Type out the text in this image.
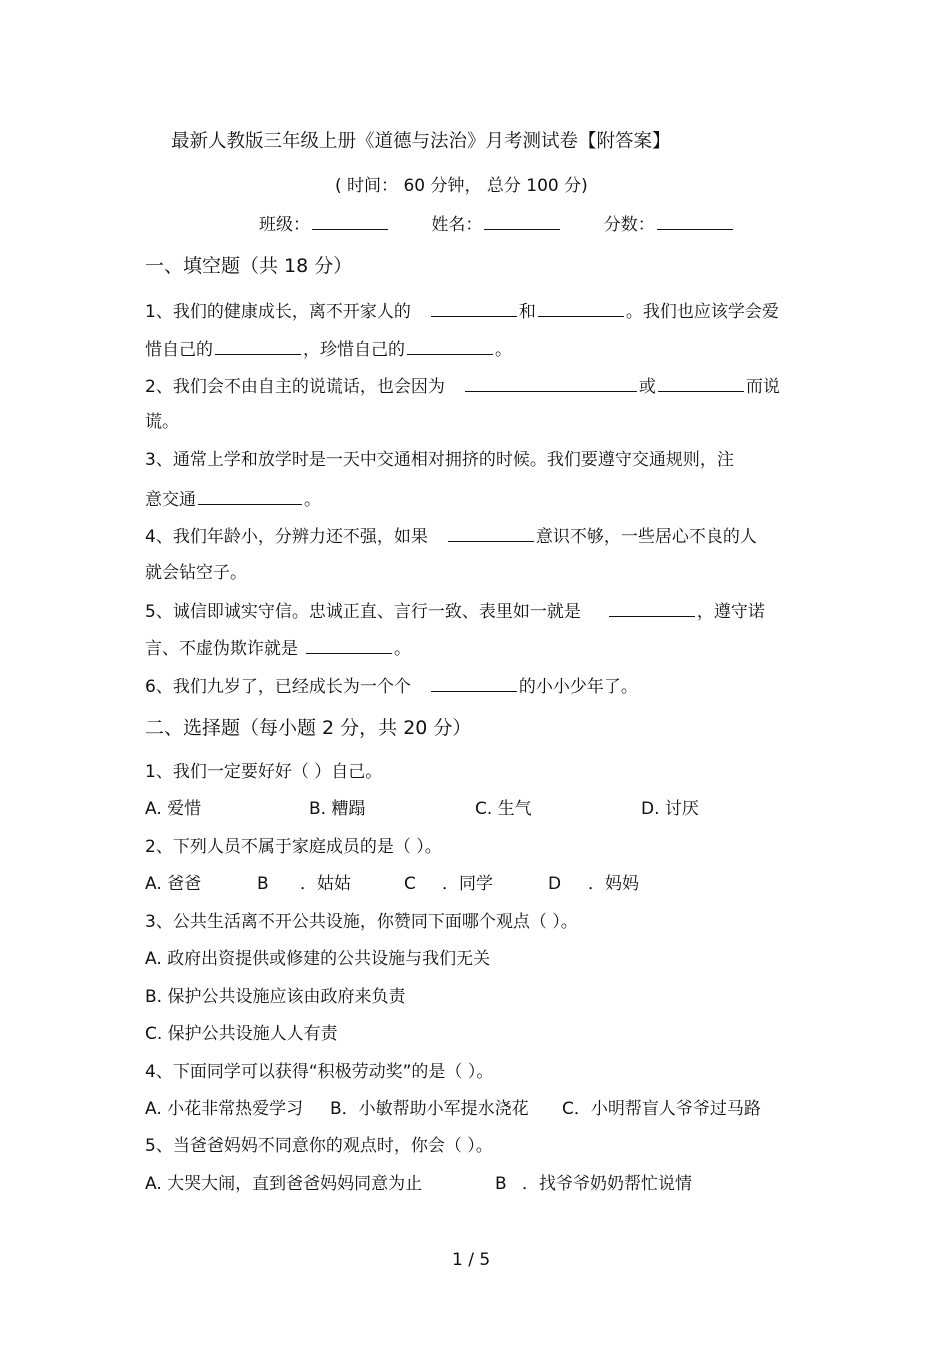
最新人教版三年级上册《道德与法治》月考测试卷【附答案】
( 时间： 60 分钟， 总分 100 分)
班级：	姓名：	分数：
一、填空题（共 18 分）
1、我们的健康成长，离不开家人的	和	。我们也应该学会爱
惜自己的	，珍惜自己的	。
2、我们会不由自主的说谎话，也会因为	或	而说
谎。
3、通常上学和放学时是一天中交通相对拥挤的时候。我们要遵守交通规则，注
意交通	。
4、我们年龄小，分辨力还不强，如果	意识不够，一些居心不良的人
就会钻空子。
5、诚信即诚实守信。忠诚正直、言行一致、表里如一就是	，遵守诺
言、不虚伪欺诈就是	。
6、我们九岁了，已经成长为一个个	的小小少年了。
二、选择题（每小题 2 分，共 20 分）
1、我们一定要好好（ ）自己。
A. 爱惜	B. 糟蹋	C. 生气	D. 讨厌
2、下列人员不属于家庭成员的是（ ）。
A. 爸爸	B ．姑姑	C ．同学	D ．妈妈
3、公共生活离不开公共设施，你赞同下面哪个观点（ ）。
A. 政府出资提供或修建的公共设施与我们无关
B. 保护公共设施应该由政府来负责
C. 保护公共设施人人有责
4、下面同学可以获得“积极劳动奖”的是（ ）。
A. 小花非常热爱学习 B．小敏帮助小军提水浇花 C．小明帮盲人爷爷过马路
5、当爸爸妈妈不同意你的观点时，你会（ ）。
A. 大哭大闹，直到爸爸妈妈同意为止	B ．找爷爷奶奶帮忙说情
1 / 5
